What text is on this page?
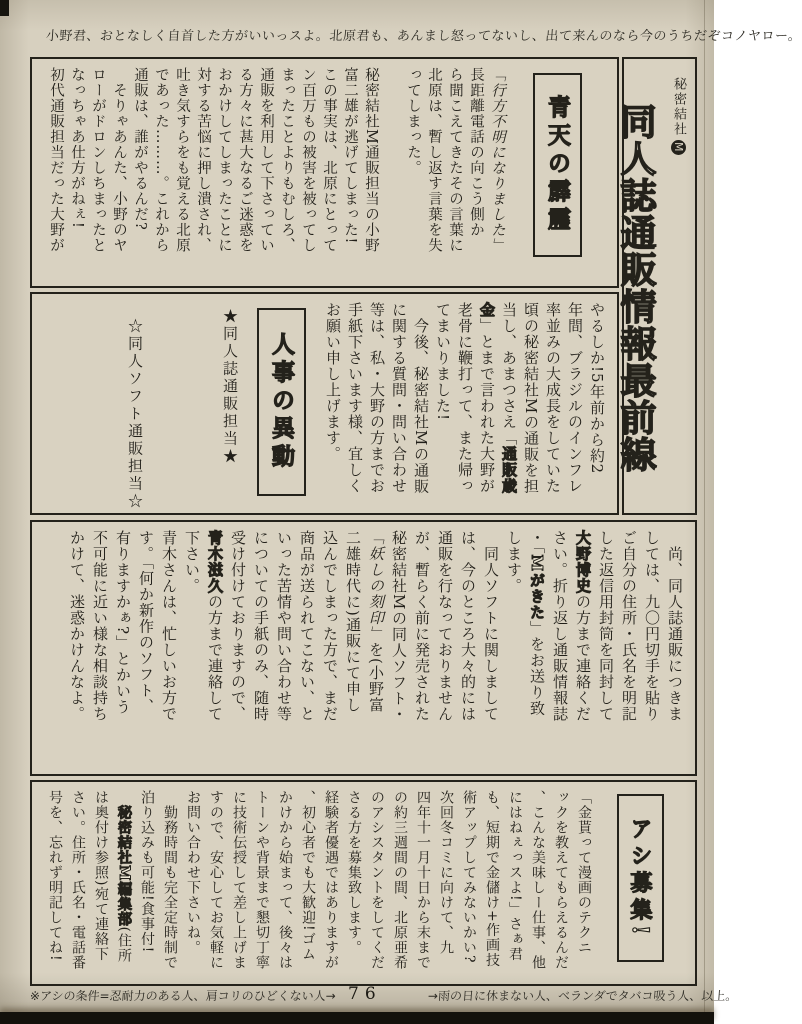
小野君、おとなしく自首した方がいいっスよ。北原君も、あんまし怒ってないし、出て来んのなら今のうちだぞコノヤロー。
青天の霹靂
「行方不明になりました」
長距離電話の向こう側か
ら聞こえてきたその言葉に
北原は、暫し返す言葉を失
ってしまった。
秘密結社M通販担当の小野
富二雄が逃げてしまった!
この事実は、北原にとって
ン百万もの被害を被ってし
まったことよりもむしろ、
通販を利用して下さってい
る方々に甚大なるご迷惑を
おかけしてしまったことに
対する苦悩に押し潰され、
吐き気すらをも覚える北原
であった………。これから
通販は、誰がやるんだ?
　そりゃあんた、小野のヤ
ローがドロンしちまったと
なっちゃあ仕方がねぇ!
初代通販担当だった大野が
やるしか!5年前から約2
年間、ブラジルのインフレ
率並みの大成長をしていた
頃の秘密結社Mの通販を担
当し、あまつさえ「通販歳
金」とまで言われた大野が
老骨に鞭打って、また帰っ
てまいりました!
　今後、秘密結社Mの通販
に関する質問・問い合わせ
等は、私・大野の方までお
手紙下さいます様、宜しく
お願い申し上げます。
人事の異動
★同人誌通販担当★
☆同人ソフト通販担当☆
秘密結社M
同人誌通販情報最前線
　尚、同人誌通販につきま
しては、九〇円切手を貼り
ご自分の住所・氏名を明記
した返信用封筒を同封して
大野博史の方まで連絡くだ
さい。折り返し通販情報誌
・「Mがきた」をお送り致
します。
　同人ソフトに関しまして
は、今のところ大々的には
通販を行なっておりません
が、暫らく前に発売された
秘密結社Mの同人ソフト・
「妖しの刻印」を(小野富
二雄時代に)通販にて申し
込んでしまった方で、まだ
商品が送られてこない、と
いった苦情や問い合わせ等
についての手紙のみ、随時
受け付けておりますので、
青木滋久の方まで連絡して
下さい。
青木さんは、忙しいお方で
す。「何か新作のソフト、
有りますかぁ?」とかいう
不可能に近い様な相談持ち
かけて、迷惑かけんなよ。
アシ募集!
「金貰って漫画のテクニ
ックを教えてもらえるんだ
、こんな美味しー仕事、他
にはねぇっスよ!」さぁ君
も、短期で金儲け+作画技
術アップしてみないかい?
次回冬コミに向けて、九
四年十一月十日から末まで
の約三週間の間、北原亜希
のアシスタントをしてくだ
さる方を募集致します。
経験者優遇ではありますが
、初心者でも大歓迎!ゴム
かけから始まって、後々は
トーンや背景まで懇切丁寧
に技術伝授して差し上げま
すので、安心してお気軽に
お問い合わせ下さいね。
　勤務時間も完全定時制で
泊り込みも可能!食事付!
　秘密結社M編集部(住所
は奥付け参照)宛て連絡下
さい。住所・氏名・電話番
号を、忘れず明記してね!
※アシの条件=忍耐力のある人、肩コリのひどくない人→ 76	→雨の日に休まない人、ベランダでタバコ吸う人、以上。
